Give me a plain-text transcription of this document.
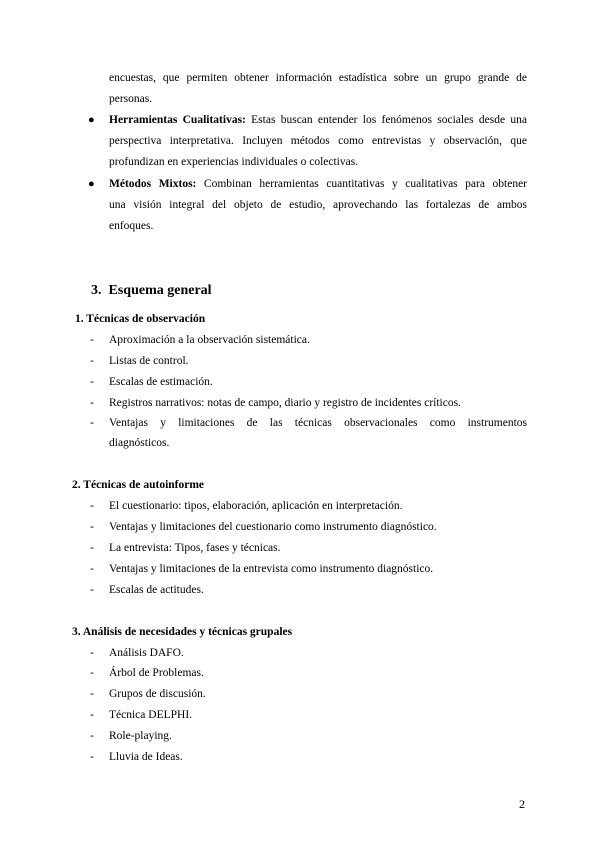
encuestas, que permiten obtener información estadística sobre un grupo grande de
personas.
● Herramientas Cualitativas: Estas buscan entender los fenómenos sociales desde una
perspectiva interpretativa. Incluyen métodos como entrevistas y observación, que
profundizan en experiencias individuales o colectivas.
● Métodos Mixtos: Combinan herramientas cuantitativas y cualitativas para obtener
una visión integral del objeto de estudio, aprovechando las fortalezas de ambos
enfoques.
3. Esquema general
1. Técnicas de observación
- Aproximación a la observación sistemática.
- Listas de control.
- Escalas de estimación.
- Registros narrativos: notas de campo, diario y registro de incidentes críticos.
- Ventajas y limitaciones de las técnicas observacionales como instrumentos
diagnósticos.
2. Técnicas de autoinforme
- El cuestionario: tipos, elaboración, aplicación en interpretación.
- Ventajas y limitaciones del cuestionario como instrumento diagnóstico.
- La entrevista: Tipos, fases y técnicas.
- Ventajas y limitaciones de la entrevista como instrumento diagnóstico.
- Escalas de actitudes.
3. Análisis de necesidades y técnicas grupales
- Análisis DAFO.
- Árbol de Problemas.
- Grupos de discusión.
- Técnica DELPHI.
- Role-playing.
- Lluvia de Ideas.
2
